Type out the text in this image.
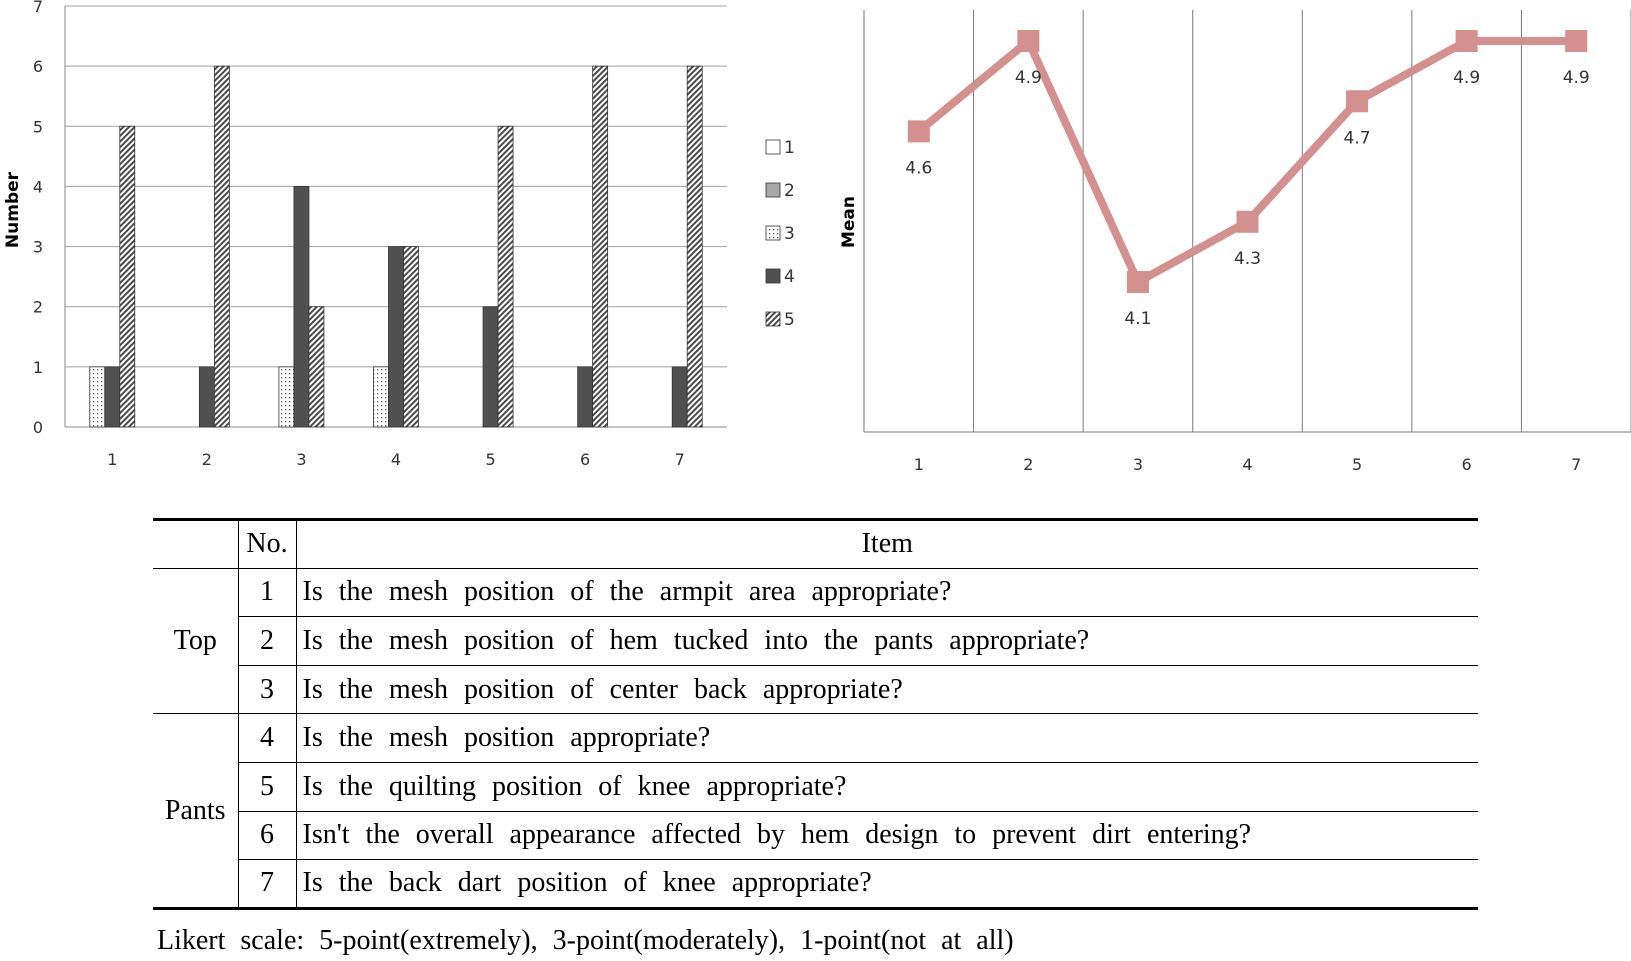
0
1
2
3
4
5
6
7
1	2	3	4	5	6	7
1
2
3
4
5
Number
1	2	3	4	5	6	7
4.6
4.9
4.1
4.3
4.7
4.9	4.9
Mean
	No.	Item
Top	1	Is the mesh position of the armpit area appropriate?
	2	Is the mesh position of hem tucked into the pants appropriate?
	3	Is the mesh position of center back appropriate?
Pants	4	Is the mesh position appropriate?
	5	Is the quilting position of knee appropriate?
	6	Isn't the overall appearance affected by hem design to prevent dirt entering?
	7	Is the back dart position of knee appropriate?
Likert scale: 5-point(extremely), 3-point(moderately), 1-point(not at all)
